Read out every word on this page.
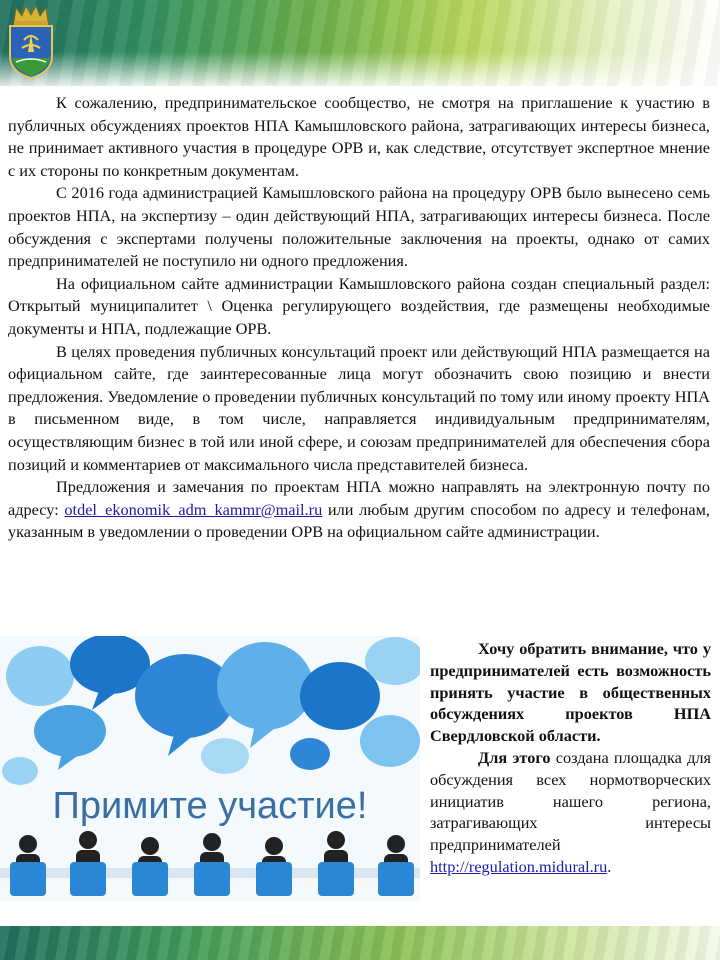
К сожалению, предпринимательское сообщество, не смотря на приглашение к участию в публичных обсуждениях проектов НПА Камышловского района, затрагивающих интересы бизнеса, не принимает активного участия в процедуре ОРВ и, как следствие, отсутствует экспертное мнение с их стороны по конкретным документам.

С 2016 года администрацией Камышловского района на процедуру ОРВ было вынесено семь проектов НПА, на экспертизу – один действующий НПА, затрагивающих интересы бизнеса. После обсуждения с экспертами получены положительные заключения на проекты, однако от самих предпринимателей не поступило ни одного предложения.

На официальном сайте администрации Камышловского района создан специальный раздел: Открытый муниципалитет \ Оценка регулирующего воздействия, где размещены необходимые документы и НПА, подлежащие ОРВ.

В целях проведения публичных консультаций проект или действующий НПА размещается на официальном сайте, где заинтересованные лица могут обозначить свою позицию и внести предложения. Уведомление о проведении публичных консультаций по тому или иному проекту НПА в письменном виде, в том числе, направляется индивидуальным предпринимателям, осуществляющим бизнес в той или иной сфере, и союзам предпринимателей для обеспечения сбора позиций и комментариев от максимального числа представителей бизнеса.

Предложения и замечания по проектам НПА можно направлять на электронную почту по адресу: otdel_ekonomik_adm_kammr@mail.ru или любым другим способом по адресу и телефонам, указанным в уведомлении о проведении ОРВ на официальном сайте администрации.

Примите участие!

Хочу обратить внимание, что у предпринимателей есть возможность принять участие в общественных обсуждениях проектов НПА Свердловской области.

Для этого создана площадка для обсуждения всех нормотворческих инициатив нашего региона, затрагивающих интересы предпринимателей http://regulation.midural.ru.
